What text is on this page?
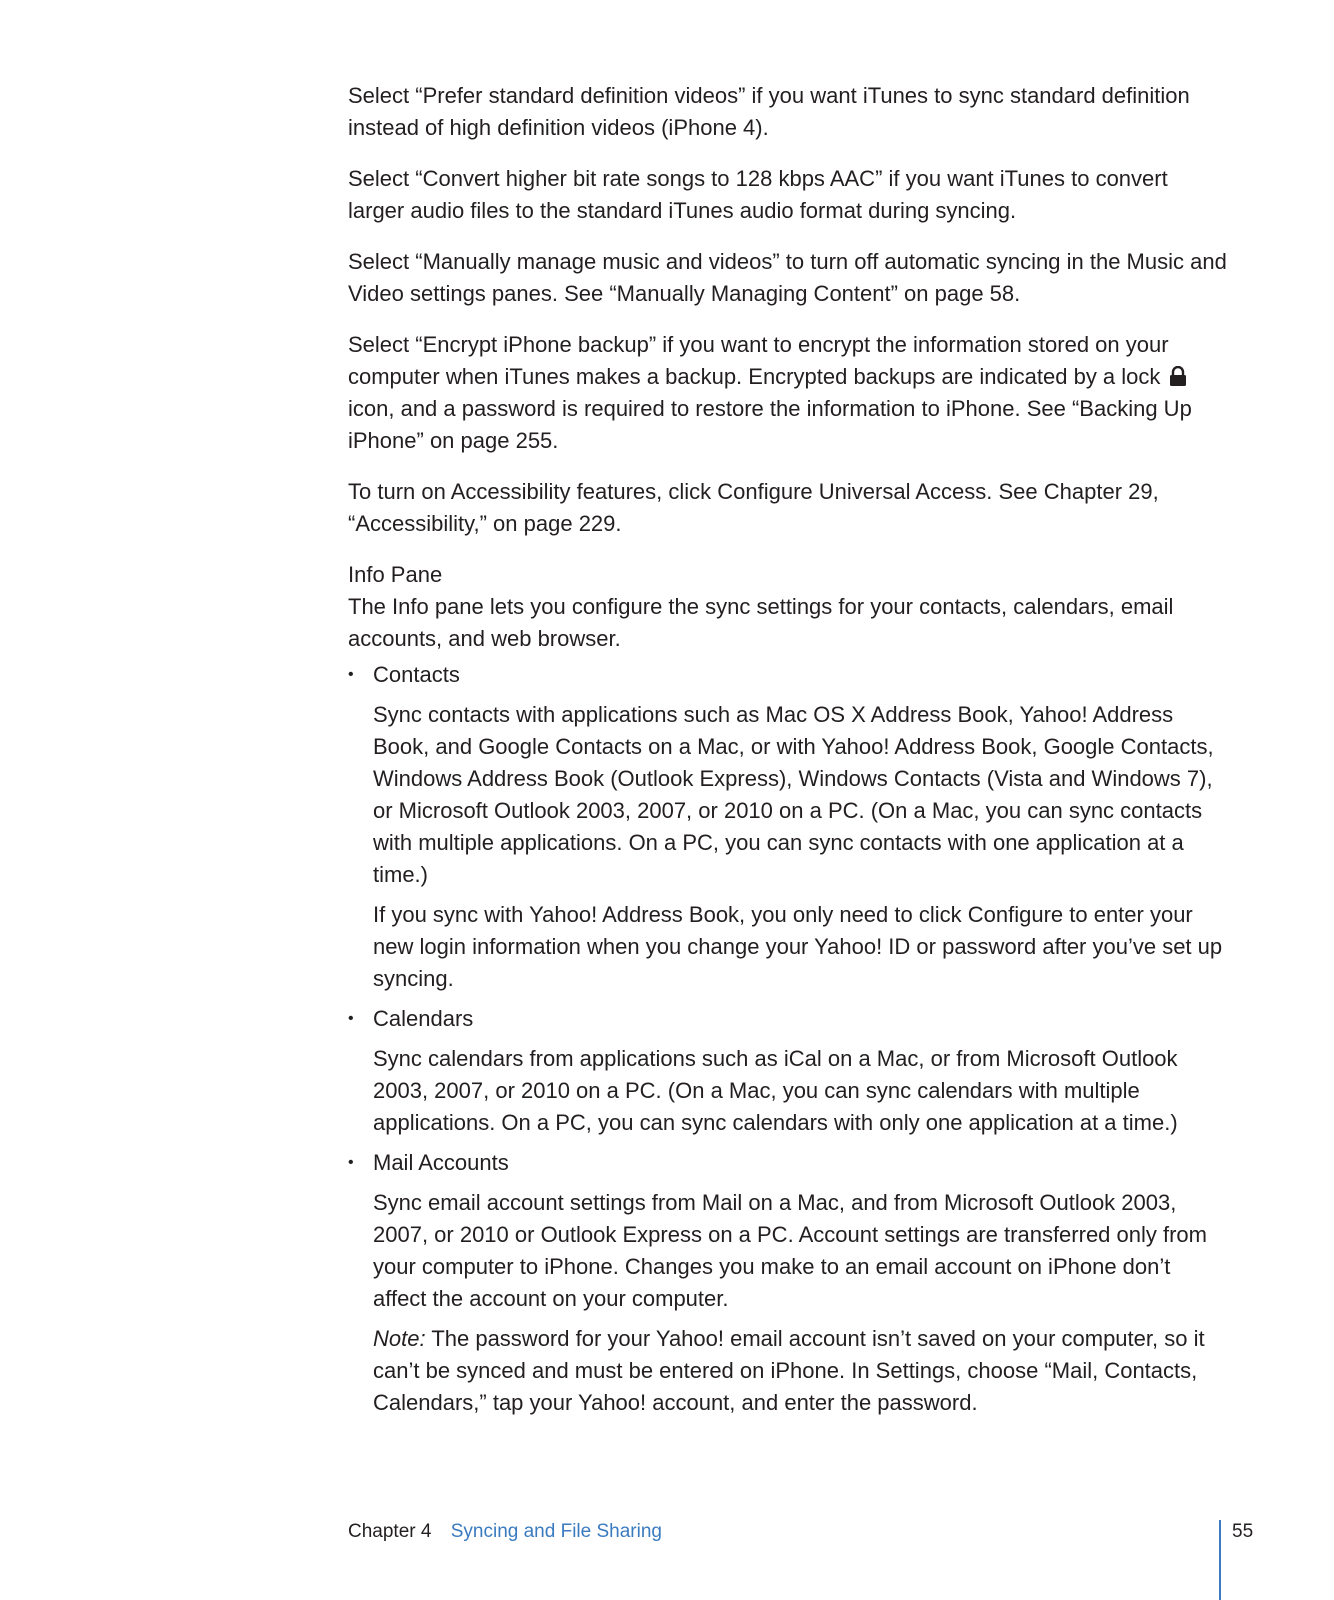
Select “Prefer standard definition videos” if you want iTunes to sync standard definition instead of high definition videos (iPhone 4).

Select “Convert higher bit rate songs to 128 kbps AAC” if you want iTunes to convert larger audio files to the standard iTunes audio format during syncing.

Select “Manually manage music and videos” to turn off automatic syncing in the Music and Video settings panes. See “Manually Managing Content” on page 58.

Select “Encrypt iPhone backup” if you want to encrypt the information stored on your computer when iTunes makes a backup. Encrypted backups are indicated by a lock  icon, and a password is required to restore the information to iPhone. See “Backing Up iPhone” on page 255.

To turn on Accessibility features, click Configure Universal Access. See Chapter 29, “Accessibility,” on page 229.

Info Pane

The Info pane lets you configure the sync settings for your contacts, calendars, email accounts, and web browser.

• Contacts

Sync contacts with applications such as Mac OS X Address Book, Yahoo! Address Book, and Google Contacts on a Mac, or with Yahoo! Address Book, Google Contacts, Windows Address Book (Outlook Express), Windows Contacts (Vista and Windows 7), or Microsoft Outlook 2003, 2007, or 2010 on a PC. (On a Mac, you can sync contacts with multiple applications. On a PC, you can sync contacts with one application at a time.)

If you sync with Yahoo! Address Book, you only need to click Configure to enter your new login information when you change your Yahoo! ID or password after you’ve set up syncing.

• Calendars

Sync calendars from applications such as iCal on a Mac, or from Microsoft Outlook 2003, 2007, or 2010 on a PC. (On a Mac, you can sync calendars with multiple applications. On a PC, you can sync calendars with only one application at a time.)

• Mail Accounts

Sync email account settings from Mail on a Mac, and from Microsoft Outlook 2003, 2007, or 2010 or Outlook Express on a PC. Account settings are transferred only from your computer to iPhone. Changes you make to an email account on iPhone don’t affect the account on your computer.

Note: The password for your Yahoo! email account isn’t saved on your computer, so it can’t be synced and must be entered on iPhone. In Settings, choose “Mail, Contacts, Calendars,” tap your Yahoo! account, and enter the password.

Chapter 4 Syncing and File Sharing	55
